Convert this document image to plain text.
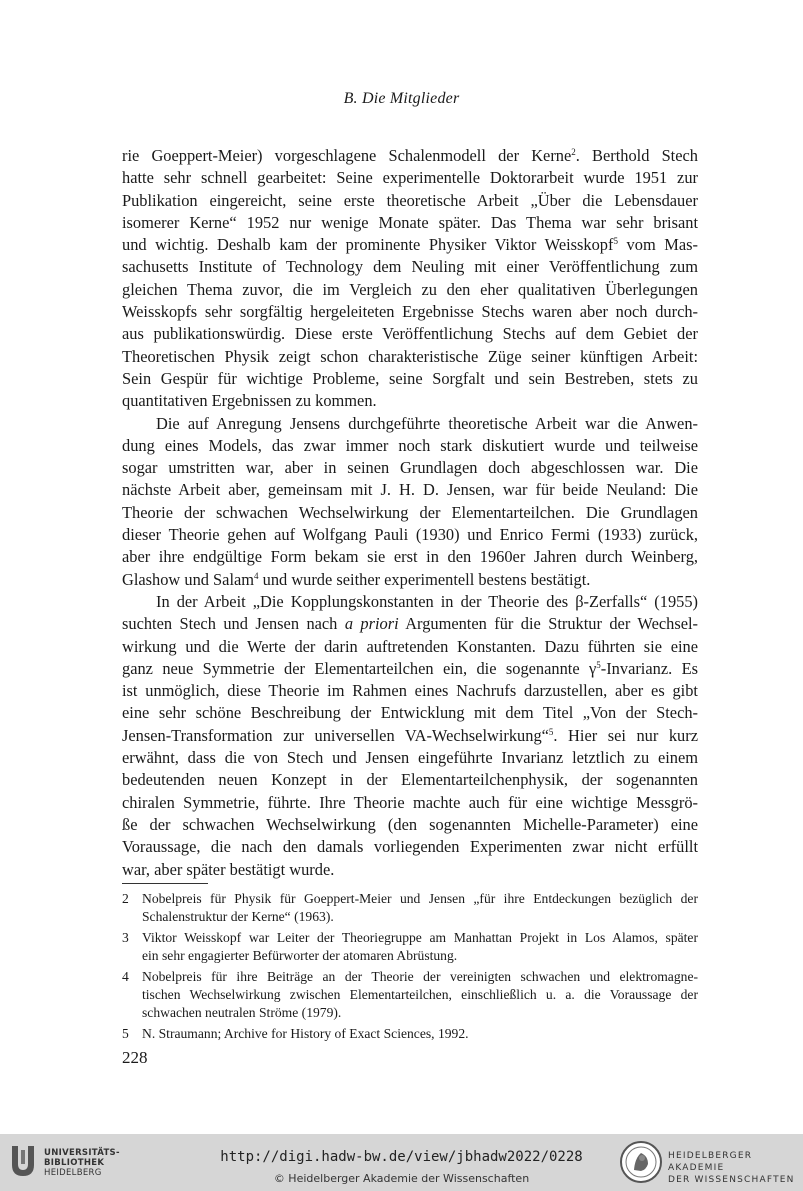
B. Die Mitglieder

rie Goeppert-Meier) vorgeschlagene Schalenmodell der Kerne$^2$. Berthold Stech
hatte sehr schnell gearbeitet: Seine experimentelle Doktorarbeit wurde 1951 zur
Publikation eingereicht, seine erste theoretische Arbeit „Über die Lebensdauer
isomerer Kerne“ 1952 nur wenige Monate später. Das Thema war sehr brisant
und wichtig. Deshalb kam der prominente Physiker Viktor Weisskopf$^5$ vom Mas-
sachusetts Institute of Technology dem Neuling mit einer Veröffentlichung zum
gleichen Thema zuvor, die im Vergleich zu den eher qualitativen Überlegungen
Weisskopfs sehr sorgfältig hergeleiteten Ergebnisse Stechs waren aber noch durch-
aus publikationswürdig. Diese erste Veröffentlichung Stechs auf dem Gebiet der
Theoretischen Physik zeigt schon charakteristische Züge seiner künftigen Arbeit:
Sein Gespür für wichtige Probleme, seine Sorgfalt und sein Bestreben, stets zu
quantitativen Ergebnissen zu kommen.

Die auf Anregung Jensens durchgeführte theoretische Arbeit war die Anwen-
dung eines Models, das zwar immer noch stark diskutiert wurde und teilweise
sogar umstritten war, aber in seinen Grundlagen doch abgeschlossen war. Die
nächste Arbeit aber, gemeinsam mit J. H. D. Jensen, war für beide Neuland: Die
Theorie der schwachen Wechselwirkung der Elementarteilchen. Die Grundlagen
dieser Theorie gehen auf Wolfgang Pauli (1930) und Enrico Fermi (1933) zurück,
aber ihre endgültige Form bekam sie erst in den 1960er Jahren durch Weinberg,
Glashow und Salam$^4$ und wurde seither experimentell bestens bestätigt.

In der Arbeit „Die Kopplungskonstanten in der Theorie des β-Zerfalls“ (1955)
suchten Stech und Jensen nach a priori Argumenten für die Struktur der Wechsel-
wirkung und die Werte der darin auftretenden Konstanten. Dazu führten sie eine
ganz neue Symmetrie der Elementarteilchen ein, die sogenannte $\gamma^5$-Invarianz. Es
ist unmöglich, diese Theorie im Rahmen eines Nachrufs darzustellen, aber es gibt
eine sehr schöne Beschreibung der Entwicklung mit dem Titel „Von der Stech-
Jensen-Transformation zur universellen VA-Wechselwirkung“$^5$. Hier sei nur kurz
erwähnt, dass die von Stech und Jensen eingeführte Invarianz letztlich zu einem
bedeutenden neuen Konzept in der Elementarteilchenphysik, der sogenannten
chiralen Symmetrie, führte. Ihre Theorie machte auch für eine wichtige Messgrö-
ße der schwachen Wechselwirkung (den sogenannten Michelle-Parameter) eine
Voraussage, die nach den damals vorliegenden Experimenten zwar nicht erfüllt
war, aber später bestätigt wurde.

2 Nobelpreis für Physik für Goeppert-Meier und Jensen „für ihre Entdeckungen bezüglich der
Schalenstruktur der Kerne“ (1963).
3 Viktor Weisskopf war Leiter der Theoriegruppe am Manhattan Projekt in Los Alamos, später
ein sehr engagierter Befürworter der atomaren Abrüstung.
4 Nobelpreis für ihre Beiträge an der Theorie der vereinigten schwachen und elektromagne-
tischen Wechselwirkung zwischen Elementarteilchen, einschließlich u. a. die Voraussage der
schwachen neutralen Ströme (1979).
5 N. Straumann; Archive for History of Exact Sciences, 1992.
228
UNIVERSITÄTS-
BIBLIOTHEK
HEIDELBERG
http://digi.hadw-bw.de/view/jbhadw2022/0228
© Heidelberger Akademie der Wissenschaften
HEIDELBERGER AKADEMIE
DER WISSENSCHAFTEN
